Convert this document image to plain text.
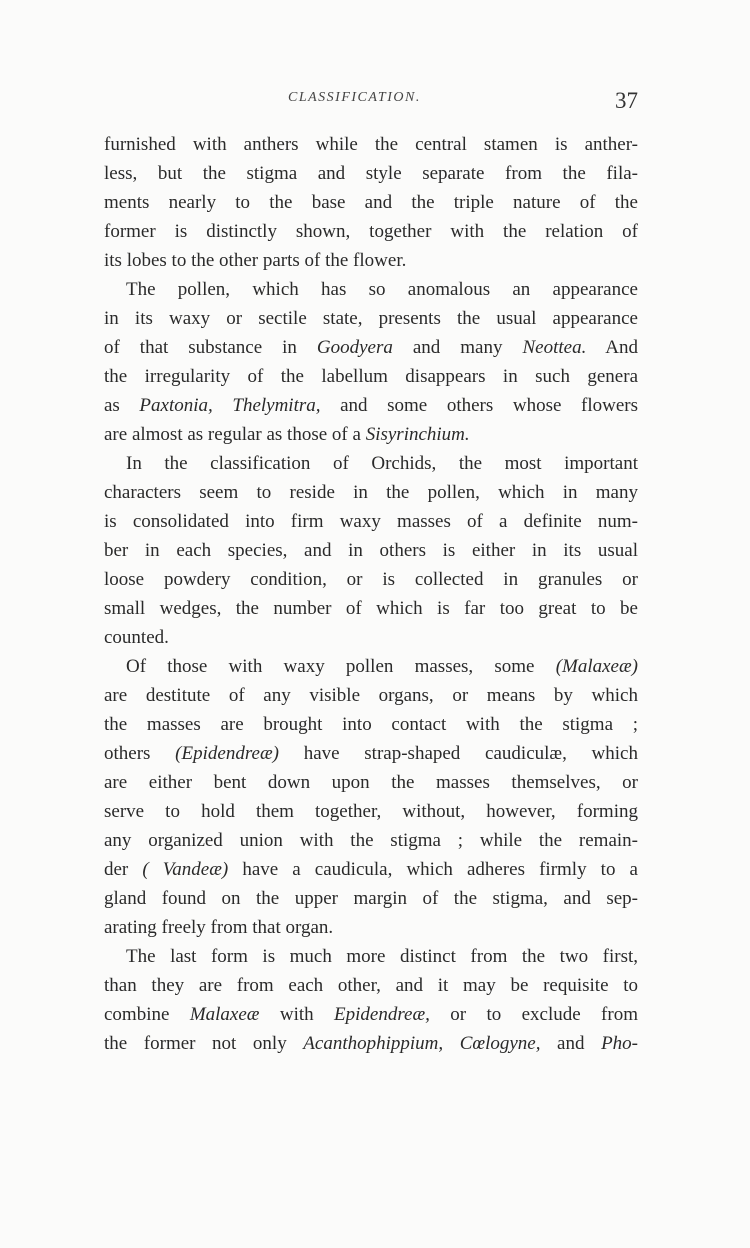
CLASSIFICATION.	37
furnished with anthers while the central stamen is anther-
less, but the stigma and style separate from the fila-
ments nearly to the base and the triple nature of the
former is distinctly shown, together with the relation of
its lobes to the other parts of the flower.
The pollen, which has so anomalous an appearance
in its waxy or sectile state, presents the usual appearance
of that substance in Goodyera and many Neottea. And
the irregularity of the labellum disappears in such genera
as Paxtonia, Thelymitra, and some others whose flowers
are almost as regular as those of a Sisyrinchium.
In the classification of Orchids, the most important
characters seem to reside in the pollen, which in many
is consolidated into firm waxy masses of a definite num-
ber in each species, and in others is either in its usual
loose powdery condition, or is collected in granules or
small wedges, the number of which is far too great to be
counted.
Of those with waxy pollen masses, some (Malaxeæ)
are destitute of any visible organs, or means by which
the masses are brought into contact with the stigma ;
others (Epidendreæ) have strap-shaped caudiculæ, which
are either bent down upon the masses themselves, or
serve to hold them together, without, however, forming
any organized union with the stigma ; while the remain-
der ( Vandeæ) have a caudicula, which adheres firmly to a
gland found on the upper margin of the stigma, and sep-
arating freely from that organ.
The last form is much more distinct from the two first,
than they are from each other, and it may be requisite to
combine Malaxeæ with Epidendreæ, or to exclude from
the former not only Acanthophippium, Cœlogyne, and Pho-
